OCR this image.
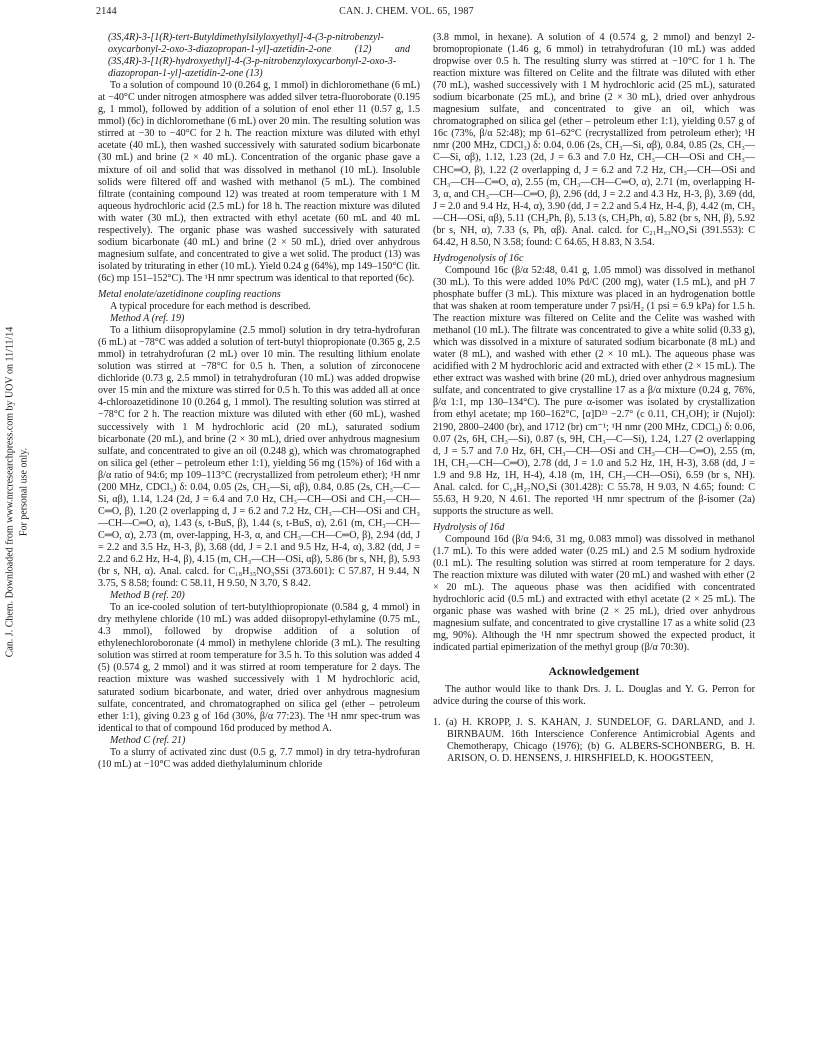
2144	CAN. J. CHEM. VOL. 65, 1987
Can. J. Chem. Downloaded from www.nrcresearchpress.com by UOV on 11/11/14 For personal use only.

(3S,4R)-3-[1(R)-tert-Butyldimethylsilyloxyethyl]-4-(3-p-nitrobenzyl-oxycarbonyl-2-oxo-3-diazopropan-1-yl]-azetidin-2-one (12) and (3S,4R)-3-[1(R)-hydroxyethyl]-4-(3-p-nitrobenzyloxycarbonyl-2-oxo-3-diazopropan-1-yl]-azetidin-2-one (13)

To a solution of compound 10 (0.264 g, 1 mmol) in dichloromethane (6 mL) at −40°C under nitrogen atmosphere was added silver tetra-fluoroborate (0.195 g, 1 mmol), followed by addition of a solution of enol ether 11 (0.57 g, 1.5 mmol) (6c) in dichloromethane (6 mL) over 20 min. The resulting solution was stirred at −30 to −40°C for 2 h. The reaction mixture was diluted with ethyl acetate (40 mL), then washed successively with saturated sodium bicarbonate (30 mL) and brine (2 × 40 mL). Concentration of the organic phase gave a mixture of oil and solid that was dissolved in methanol (10 mL). Insoluble solids were filtered off and washed with methanol (5 mL). The combined filtrate (containing compound 12) was treated at room temperature with 1 M aqueous hydrochloric acid (2.5 mL) for 18 h. The reaction mixture was diluted with water (30 mL), then extracted with ethyl acetate (60 mL and 40 mL respectively). The organic phase was washed successively with saturated sodium bicarbonate (40 mL) and brine (2 × 50 mL), dried over anhydrous magnesium sulfate, and concentrated to give a wet solid. The product (13) was isolated by triturating in ether (10 mL). Yield 0.24 g (64%), mp 149–150°C (lit. (6c) mp 151–152°C). The ¹H nmr spectrum was identical to that reported (6c).

Metal enolate/azetidinone coupling reactions

A typical procedure for each method is described.

Method A (ref. 19)

To a lithium diisopropylamine (2.5 mmol) solution in dry tetra-hydrofuran (6 mL) at −78°C was added a solution of tert-butyl thiopropionate (0.365 g, 2.5 mmol) in tetrahydrofuran (2 mL) over 10 min. The resulting lithium enolate solution was stirred at −78°C for 0.5 h. Then, a solution of zirconocene dichloride (0.73 g, 2.5 mmol) in tetrahydrofuran (10 mL) was added dropwise over 15 min and the mixture was stirred for 0.5 h. To this was added all at once 4-chloroazetidinone 10 (0.264 g, 1 mmol). The resulting solution was stirred at −78°C for 2 h. The reaction mixture was diluted with ether (60 mL), washed successively with 1 M hydrochloric acid (20 mL), saturated sodium bicarbonate (20 mL), and brine (2 × 30 mL), dried over anhydrous magnesium sulfate, and concentrated to give an oil (0.248 g), which was chromatographed on silica gel (ether – petroleum ether 1:1), yielding 56 mg (15%) of 16d with a β/α ratio of 94:6; mp 109–113°C (recrystallized from petroleum ether); ¹H nmr (200 MHz, CDCl₃) δ: 0.04, 0.05 (2s, CH₃—Si, αβ), 0.84, 0.85 (2s, CH₃—C—Si, αβ), 1.14, 1.24 (2d, J = 6.4 and 7.0 Hz, CH₃—CH—OSi and CH₃—CH—C═O, β), 1.20 (2 overlapping d, J = 6.2 and 7.2 Hz, CH₃—CH—OSi and CH₃—CH—C═O, α), 1.43 (s, t-BuS, β), 1.44 (s, t-BuS, α), 2.61 (m, CH₃—CH—C═O, α), 2.73 (m, over-lapping, H-3, α, and CH₃—CH—C═O, β), 2.94 (dd, J = 2.2 and 3.5 Hz, H-3, β), 3.68 (dd, J = 2.1 and 9.5 Hz, H-4, α), 3.82 (dd, J = 2.2 and 6.2 Hz, H-4, β), 4.15 (m, CH₃—CH—OSi, αβ), 5.86 (br s, NH, β), 5.93 (br s, NH, α). Anal. calcd. for C₁₈H₃₅NO₃SSi (373.601): C 57.87, H 9.44, N 3.75, S 8.58; found: C 58.11, H 9.50, N 3.70, S 8.42.

Method B (ref. 20)

To an ice-cooled solution of tert-butylthiopropionate (0.584 g, 4 mmol) in dry methylene chloride (10 mL) was added diisopropyl-ethylamine (0.75 mL, 4.3 mmol), followed by dropwise addition of a solution of ethylenechloroboronate (4 mmol) in methylene chloride (3 mL). The resulting solution was stirred at room temperature for 3.5 h. To this solution was added 4 (5) (0.574 g, 2 mmol) and it was stirred at room temperature for 2 days. The reaction mixture was washed successively with 1 M hydrochloric acid, saturated sodium bicarbonate, and water, dried over anhydrous magnesium sulfate, concentrated, and chromatographed on silica gel (ether – petroleum ether 1:1), giving 0.23 g of 16d (30%, β/α 77:23). The ¹H nmr spec-trum was identical to that of compound 16d produced by method A.

Method C (ref. 21)

To a slurry of activated zinc dust (0.5 g, 7.7 mmol) in dry tetra-hydrofuran (10 mL) at −10°C was added diethylaluminum chloride

(3.8 mmol, in hexane). A solution of 4 (0.574 g, 2 mmol) and benzyl 2-bromopropionate (1.46 g, 6 mmol) in tetrahydrofuran (10 mL) was added dropwise over 0.5 h. The resulting slurry was stirred at −10°C for 1 h. The reaction mixture was filtered on Celite and the filtrate was diluted with ether (70 mL), washed successively with 1 M hydrochloric acid (25 mL), saturated sodium bicarbonate (25 mL), and brine (2 × 30 mL), dried over anhydrous magnesium sulfate, and concentrated to give an oil, which was chromatographed on silica gel (ether – petroleum ether 1:1), yielding 0.57 g of 16c (73%, β/α 52:48); mp 61–62°C (recrystallized from petroleum ether); ¹H nmr (200 MHz, CDCl₃) δ: 0.04, 0.06 (2s, CH₃—Si, αβ), 0.84, 0.85 (2s, CH₃—C—Si, αβ), 1.12, 1.23 (2d, J = 6.3 and 7.0 Hz, CH₃—CH—OSi and CH₃—CHC═O, β), 1.22 (2 overlapping d, J = 6.2 and 7.2 Hz, CH₃—CH—OSi and CH₃—CH—C═O, α), 2.55 (m, CH₃—CH—C═O, α), 2.71 (m, overlapping H-3, α, and CH₃—CH—C═O, β), 2.96 (dd, J = 2.2 and 4.3 Hz, H-3, β), 3.69 (dd, J = 2.0 and 9.4 Hz, H-4, α), 3.90 (dd, J = 2.2 and 5.4 Hz, H-4, β), 4.42 (m, CH₃—CH—OSi, αβ), 5.11 (CH₂Ph, β), 5.13 (s, CH₂Ph, α), 5.82 (br s, NH, β), 5.92 (br s, NH, α), 7.33 (s, Ph, αβ). Anal. calcd. for C₂₁H₃₃NO₄Si (391.553): C 64.42, H 8.50, N 3.58; found: C 64.65, H 8.83, N 3.54.

Hydrogenolysis of 16c

Compound 16c (β/α 52:48, 0.41 g, 1.05 mmol) was dissolved in methanol (30 mL). To this were added 10% Pd/C (200 mg), water (1.5 mL), and pH 7 phosphate buffer (3 mL). This mixture was placed in an hydrogenation bottle that was shaken at room temperature under 7 psi/H₂ (1 psi = 6.9 kPa) for 1.5 h. The reaction mixture was filtered on Celite and the Celite was washed with methanol (10 mL). The filtrate was concentrated to give a white solid (0.33 g), which was dissolved in a mixture of saturated sodium bicarbonate (8 mL) and water (8 mL), and washed with ether (2 × 10 mL). The aqueous phase was acidified with 2 M hydrochloric acid and extracted with ether (2 × 15 mL). The ether extract was washed with brine (20 mL), dried over anhydrous magnesium sulfate, and concentrated to give crystalline 17 as a β/α mixture (0.24 g, 76%, β/α 1:1, mp 130–134°C). The pure α-isomer was isolated by crystallization from ethyl acetate; mp 160–162°C, [α]D²³ −2.7° (c 0.11, CH₃OH); ir (Nujol): 2190, 2800–2400 (br), and 1712 (br) cm⁻¹; ¹H nmr (200 MHz, CDCl₃) δ: 0.06, 0.07 (2s, 6H, CH₃—Si), 0.87 (s, 9H, CH₃—C—Si), 1.24, 1.27 (2 overlapping d, J = 5.7 and 7.0 Hz, 6H, CH₃—CH—OSi and CH₃—CH—C═O), 2.55 (m, 1H, CH₃—CH—C═O), 2.78 (dd, J = 1.0 and 5.2 Hz, 1H, H-3), 3.68 (dd, J = 1.9 and 9.8 Hz, 1H, H-4), 4.18 (m, 1H, CH₃—CH—OSi), 6.59 (br s, NH). Anal. calcd. for C₁₄H₂₇NO₄Si (301.428): C 55.78, H 9.03, N 4.65; found: C 55.63, H 9.20, N 4.61. The reported ¹H nmr spectrum of the β-isomer (2a) supports the structure as well.

Hydrolysis of 16d

Compound 16d (β/α 94:6, 31 mg, 0.083 mmol) was dissolved in methanol (1.7 mL). To this were added water (0.25 mL) and 2.5 M sodium hydroxide (0.1 mL). The resulting solution was stirred at room temperature for 2 days. The reaction mixture was diluted with water (20 mL) and washed with ether (2 × 20 mL). The aqueous phase was then acidified with concentrated hydrochloric acid (0.5 mL) and extracted with ethyl acetate (2 × 25 mL). The organic phase was washed with brine (2 × 25 mL), dried over anhydrous magnesium sulfate, and concentrated to give crystalline 17 as a white solid (23 mg, 90%). Although the ¹H nmr spectrum showed the expected product, it indicated partial epimerization of the methyl group (β/α 70:30).

Acknowledgement

The author would like to thank Drs. J. L. Douglas and Y. G. Perron for advice during the course of this work.

1. (a) H. KROPP, J. S. KAHAN, J. SUNDELOF, G. DARLAND, and J. BIRNBAUM. 16th Interscience Conference Antimicrobial Agents and Chemotherapy, Chicago (1976); (b) G. ALBERS-SCHONBERG, B. H. ARISON, O. D. HENSENS, J. HIRSHFIELD, K. HOOGSTEEN,
